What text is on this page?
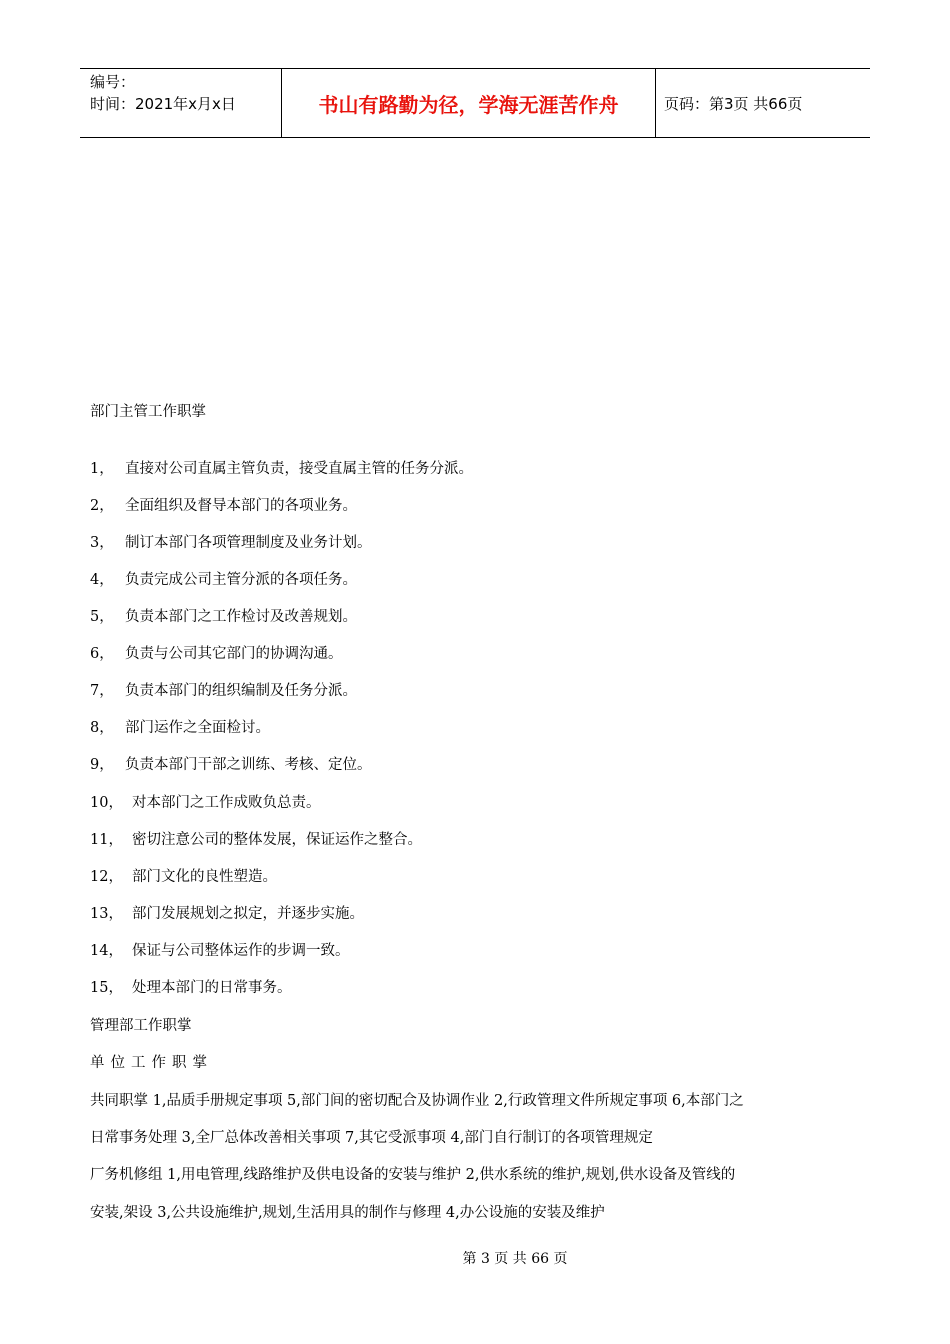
编号：
时间：2021年x月x日	书山有路勤为径，学海无涯苦作舟	页码：第3页 共66页
部门主管工作职掌
1， 直接对公司直属主管负责，接受直属主管的任务分派。
2， 全面组织及督导本部门的各项业务。
3， 制订本部门各项管理制度及业务计划。
4， 负责完成公司主管分派的各项任务。
5， 负责本部门之工作检讨及改善规划。
6， 负责与公司其它部门的协调沟通。
7， 负责本部门的组织编制及任务分派。
8， 部门运作之全面检讨。
9， 负责本部门干部之训练、考核、定位。
10， 对本部门之工作成败负总责。
11， 密切注意公司的整体发展，保证运作之整合。
12， 部门文化的良性塑造。
13， 部门发展规划之拟定，并逐步实施。
14， 保证与公司整体运作的步调一致。
15， 处理本部门的日常事务。
管理部工作职掌
单位工作职掌
共同职掌 1,品质手册规定事项 5,部门间的密切配合及协调作业 2,行政管理文件所规定事项 6,本部门之
日常事务处理 3,全厂总体改善相关事项 7,其它受派事项 4,部门自行制订的各项管理规定
厂务机修组 1,用电管理,线路维护及供电设备的安装与维护 2,供水系统的维护,规划,供水设备及管线的
安装,架设 3,公共设施维护,规划,生活用具的制作与修理 4,办公设施的安装及维护
第 3 页 共 66 页
